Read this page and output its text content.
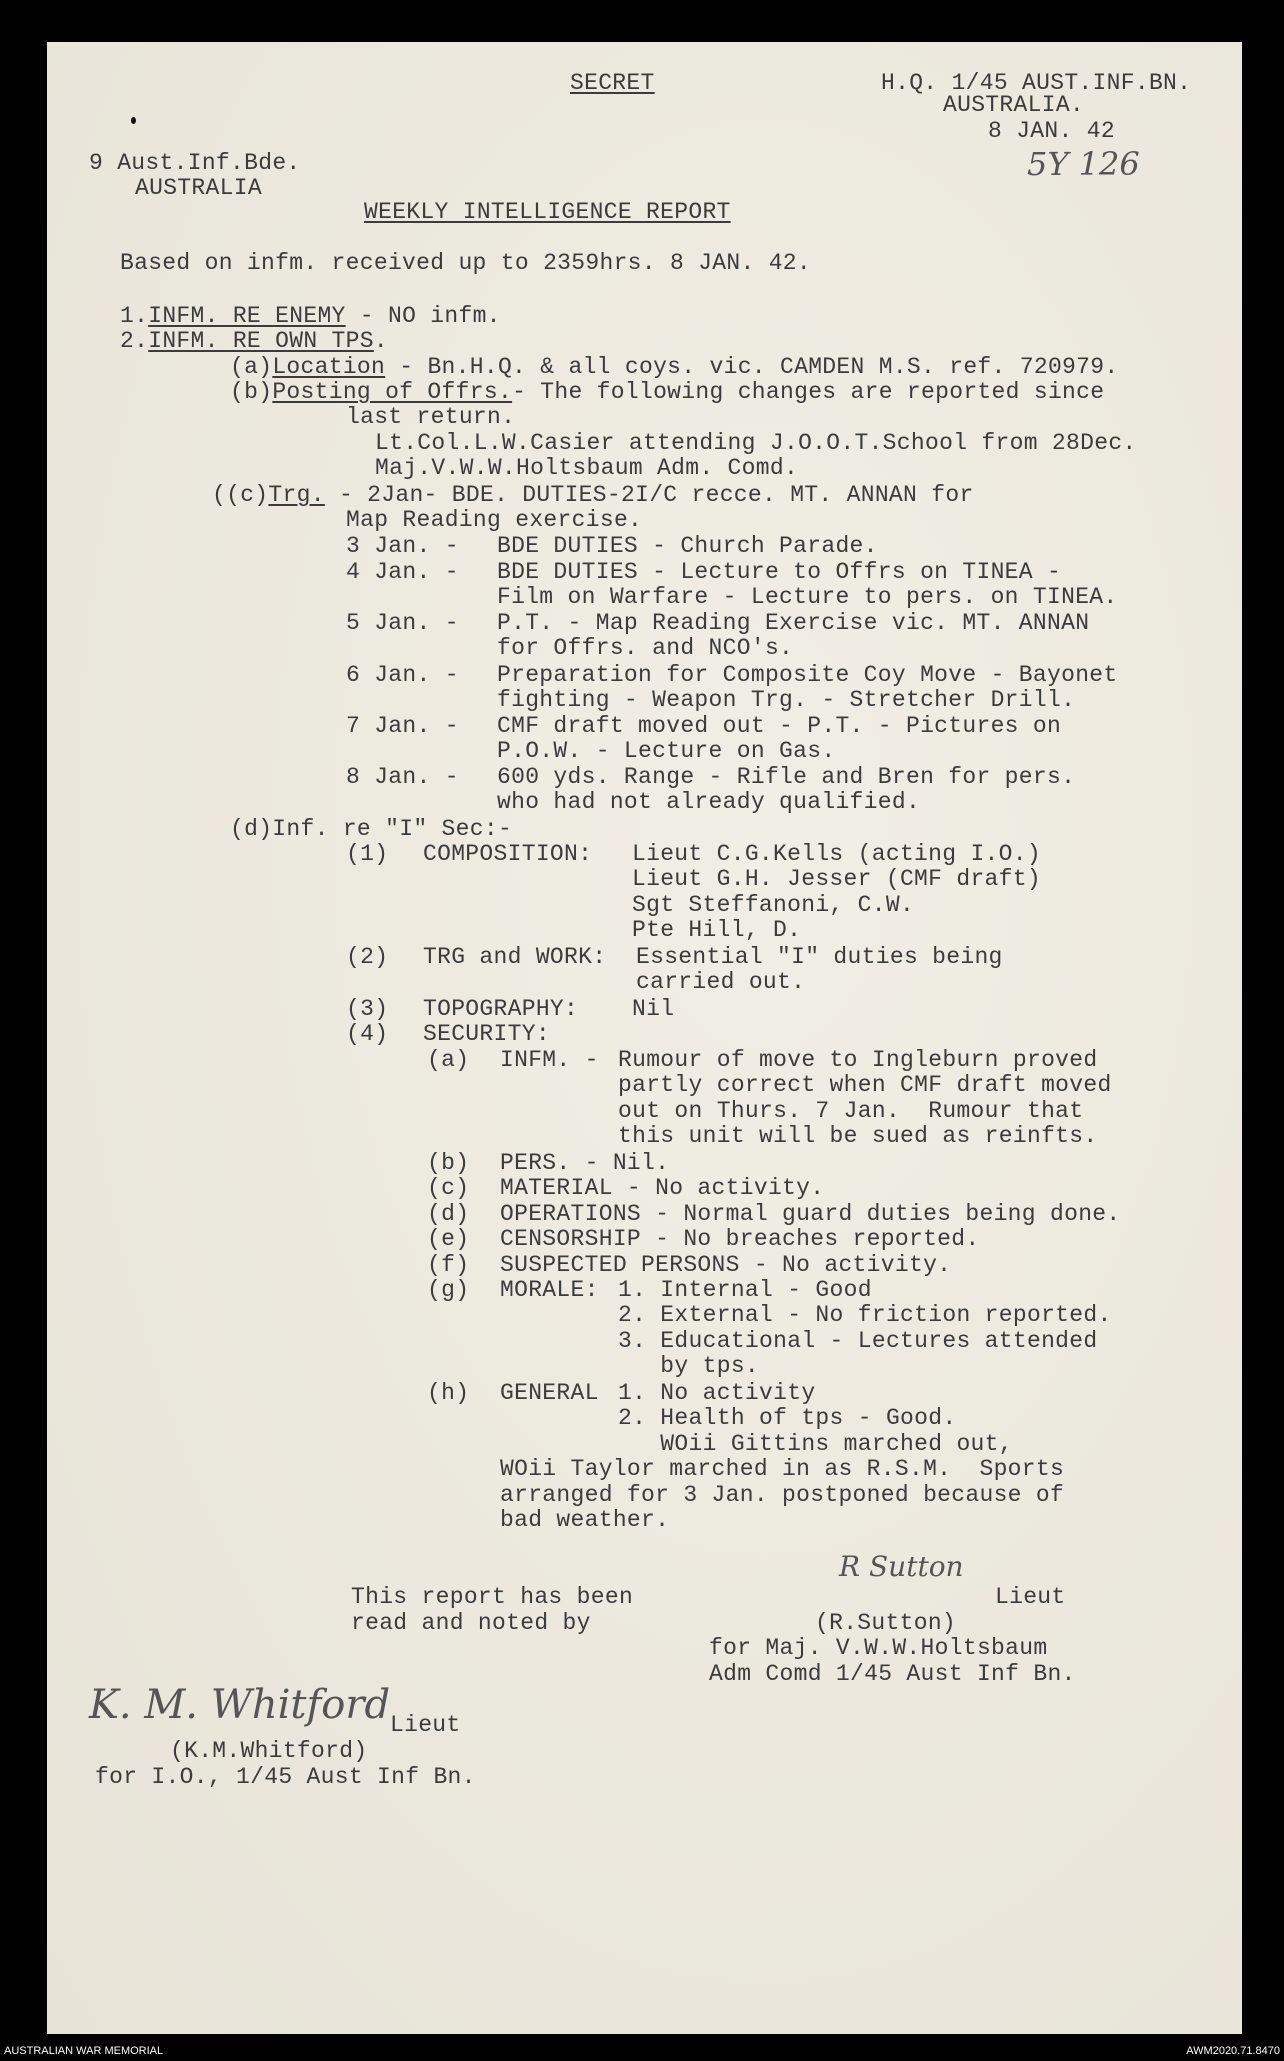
SECRET	H.Q. 1/45 AUST.INF.BN.
AUSTRALIA.
8 JAN. 42
5Y 126
9 Aust.Inf.Bde.
AUSTRALIA
WEEKLY INTELLIGENCE REPORT
Based on infm. received up to 2359hrs. 8 JAN. 42.
1.INFM. RE ENEMY - NO infm.
2.INFM. RE OWN TPS.
(a)Location - Bn.H.Q. & all coys. vic. CAMDEN M.S. ref. 720979.
(b)Posting of Offrs.- The following changes are reported since
last return.
Lt.Col.L.W.Casier attending J.O.O.T.School from 28Dec.
Maj.V.W.W.Holtsbaum Adm. Comd.
((c)Trg. - 2Jan- BDE. DUTIES-2I/C recce. MT. ANNAN for
Map Reading exercise.
3 Jan. - BDE DUTIES - Church Parade.
4 Jan. - BDE DUTIES - Lecture to Offrs on TINEA -
Film on Warfare - Lecture to pers. on TINEA.
5 Jan. - P.T. - Map Reading Exercise vic. MT. ANNAN
for Offrs. and NCO's.
6 Jan. - Preparation for Composite Coy Move - Bayonet
fighting - Weapon Trg. - Stretcher Drill.
7 Jan. - CMF draft moved out - P.T. - Pictures on
P.O.W. - Lecture on Gas.
8 Jan. - 600 yds. Range - Rifle and Bren for pers.
who had not already qualified.
(d)Inf. re "I" Sec:-
(1) COMPOSITION: Lieut C.G.Kells (acting I.O.)
Lieut G.H. Jesser (CMF draft)
Sgt Steffanoni, C.W.
Pte Hill, D.
(2) TRG and WORK: Essential "I" duties being
carried out.
(3) TOPOGRAPHY: Nil
(4) SECURITY:
(a) INFM. - Rumour of move to Ingleburn proved
partly correct when CMF draft moved
out on Thurs. 7 Jan.  Rumour that
this unit will be sued as reinfts.
(b) PERS. - Nil.
(c) MATERIAL - No activity.
(d) OPERATIONS - Normal guard duties being done.
(e) CENSORSHIP - No breaches reported.
(f) SUSPECTED PERSONS - No activity.
(g) MORALE: 1. Internal - Good
2. External - No friction reported.
3. Educational - Lectures attended
by tps.
(h) GENERAL 1. No activity
2. Health of tps - Good.
WOii Gittins marched out,
WOii Taylor marched in as R.S.M.  Sports
arranged for 3 Jan. postponed because of
bad weather.
This report has been
read and noted by
R Sutton
Lieut
(R.Sutton)
for Maj. V.W.W.Holtsbaum
Adm Comd 1/45 Aust Inf Bn.
K. M. Whitford Lieut
(K.M.Whitford)
for I.O., 1/45 Aust Inf Bn.
AUSTRALIAN WAR MEMORIAL	AWM2020.71.8470
